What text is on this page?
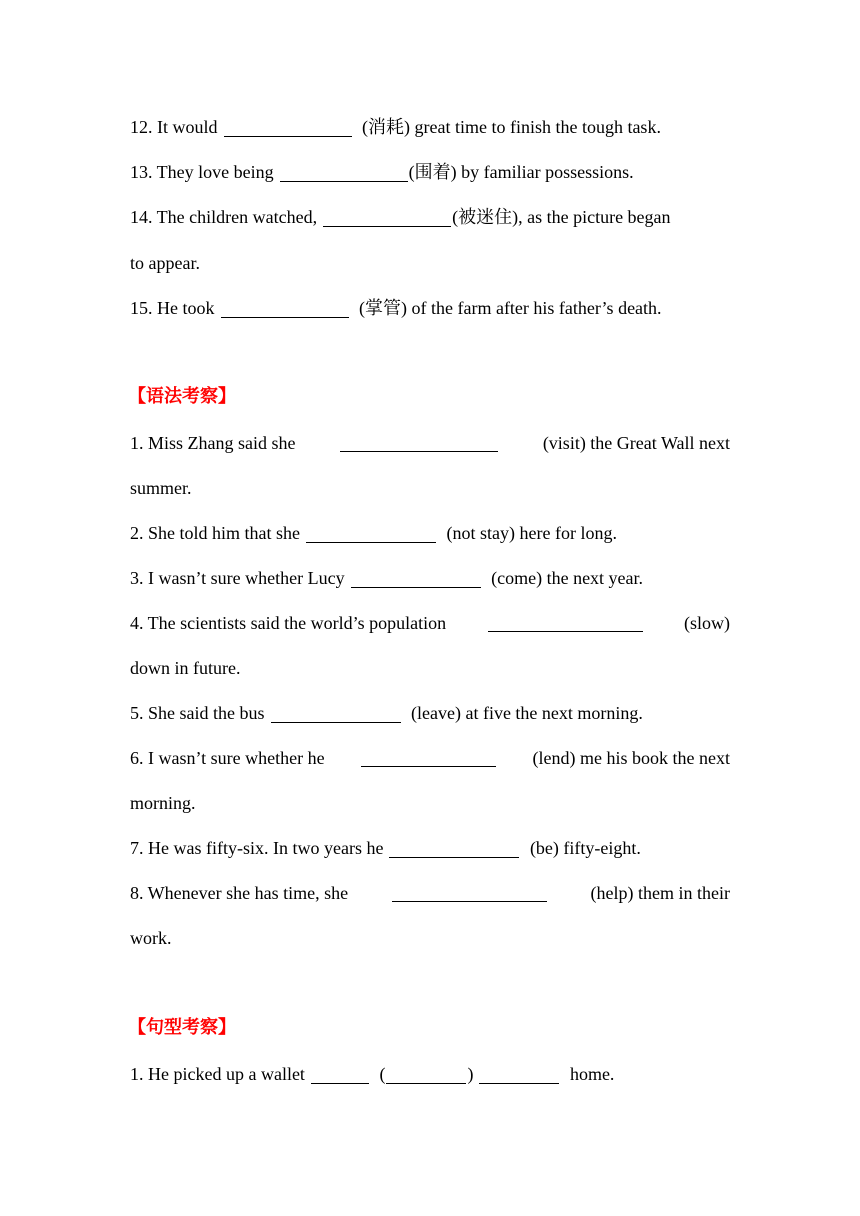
12. It would	(消耗) great time to finish the tough task.
13. They love being	(围着) by familiar possessions.
14. The children watched,	(被迷住), as the picture began
to appear.
15. He took	(掌管) of the farm after his father’s death.
【语法考察】
1. Miss Zhang said she	(visit) the Great Wall next
summer.
2. She told him that she	(not stay) here for long.
3. I wasn’t sure whether Lucy	(come) the next year.
4. The scientists said the world’s population	(slow)
down in future.
5. She said the bus	(leave) at five the next morning.
6. I wasn’t sure whether he	(lend) me his book the next
morning.
7. He was fifty-six. In two years he	(be) fifty-eight.
8. Whenever she has time, she	(help) them in their
work.
【句型考察】
1. He picked up a wallet	(	)	home.
